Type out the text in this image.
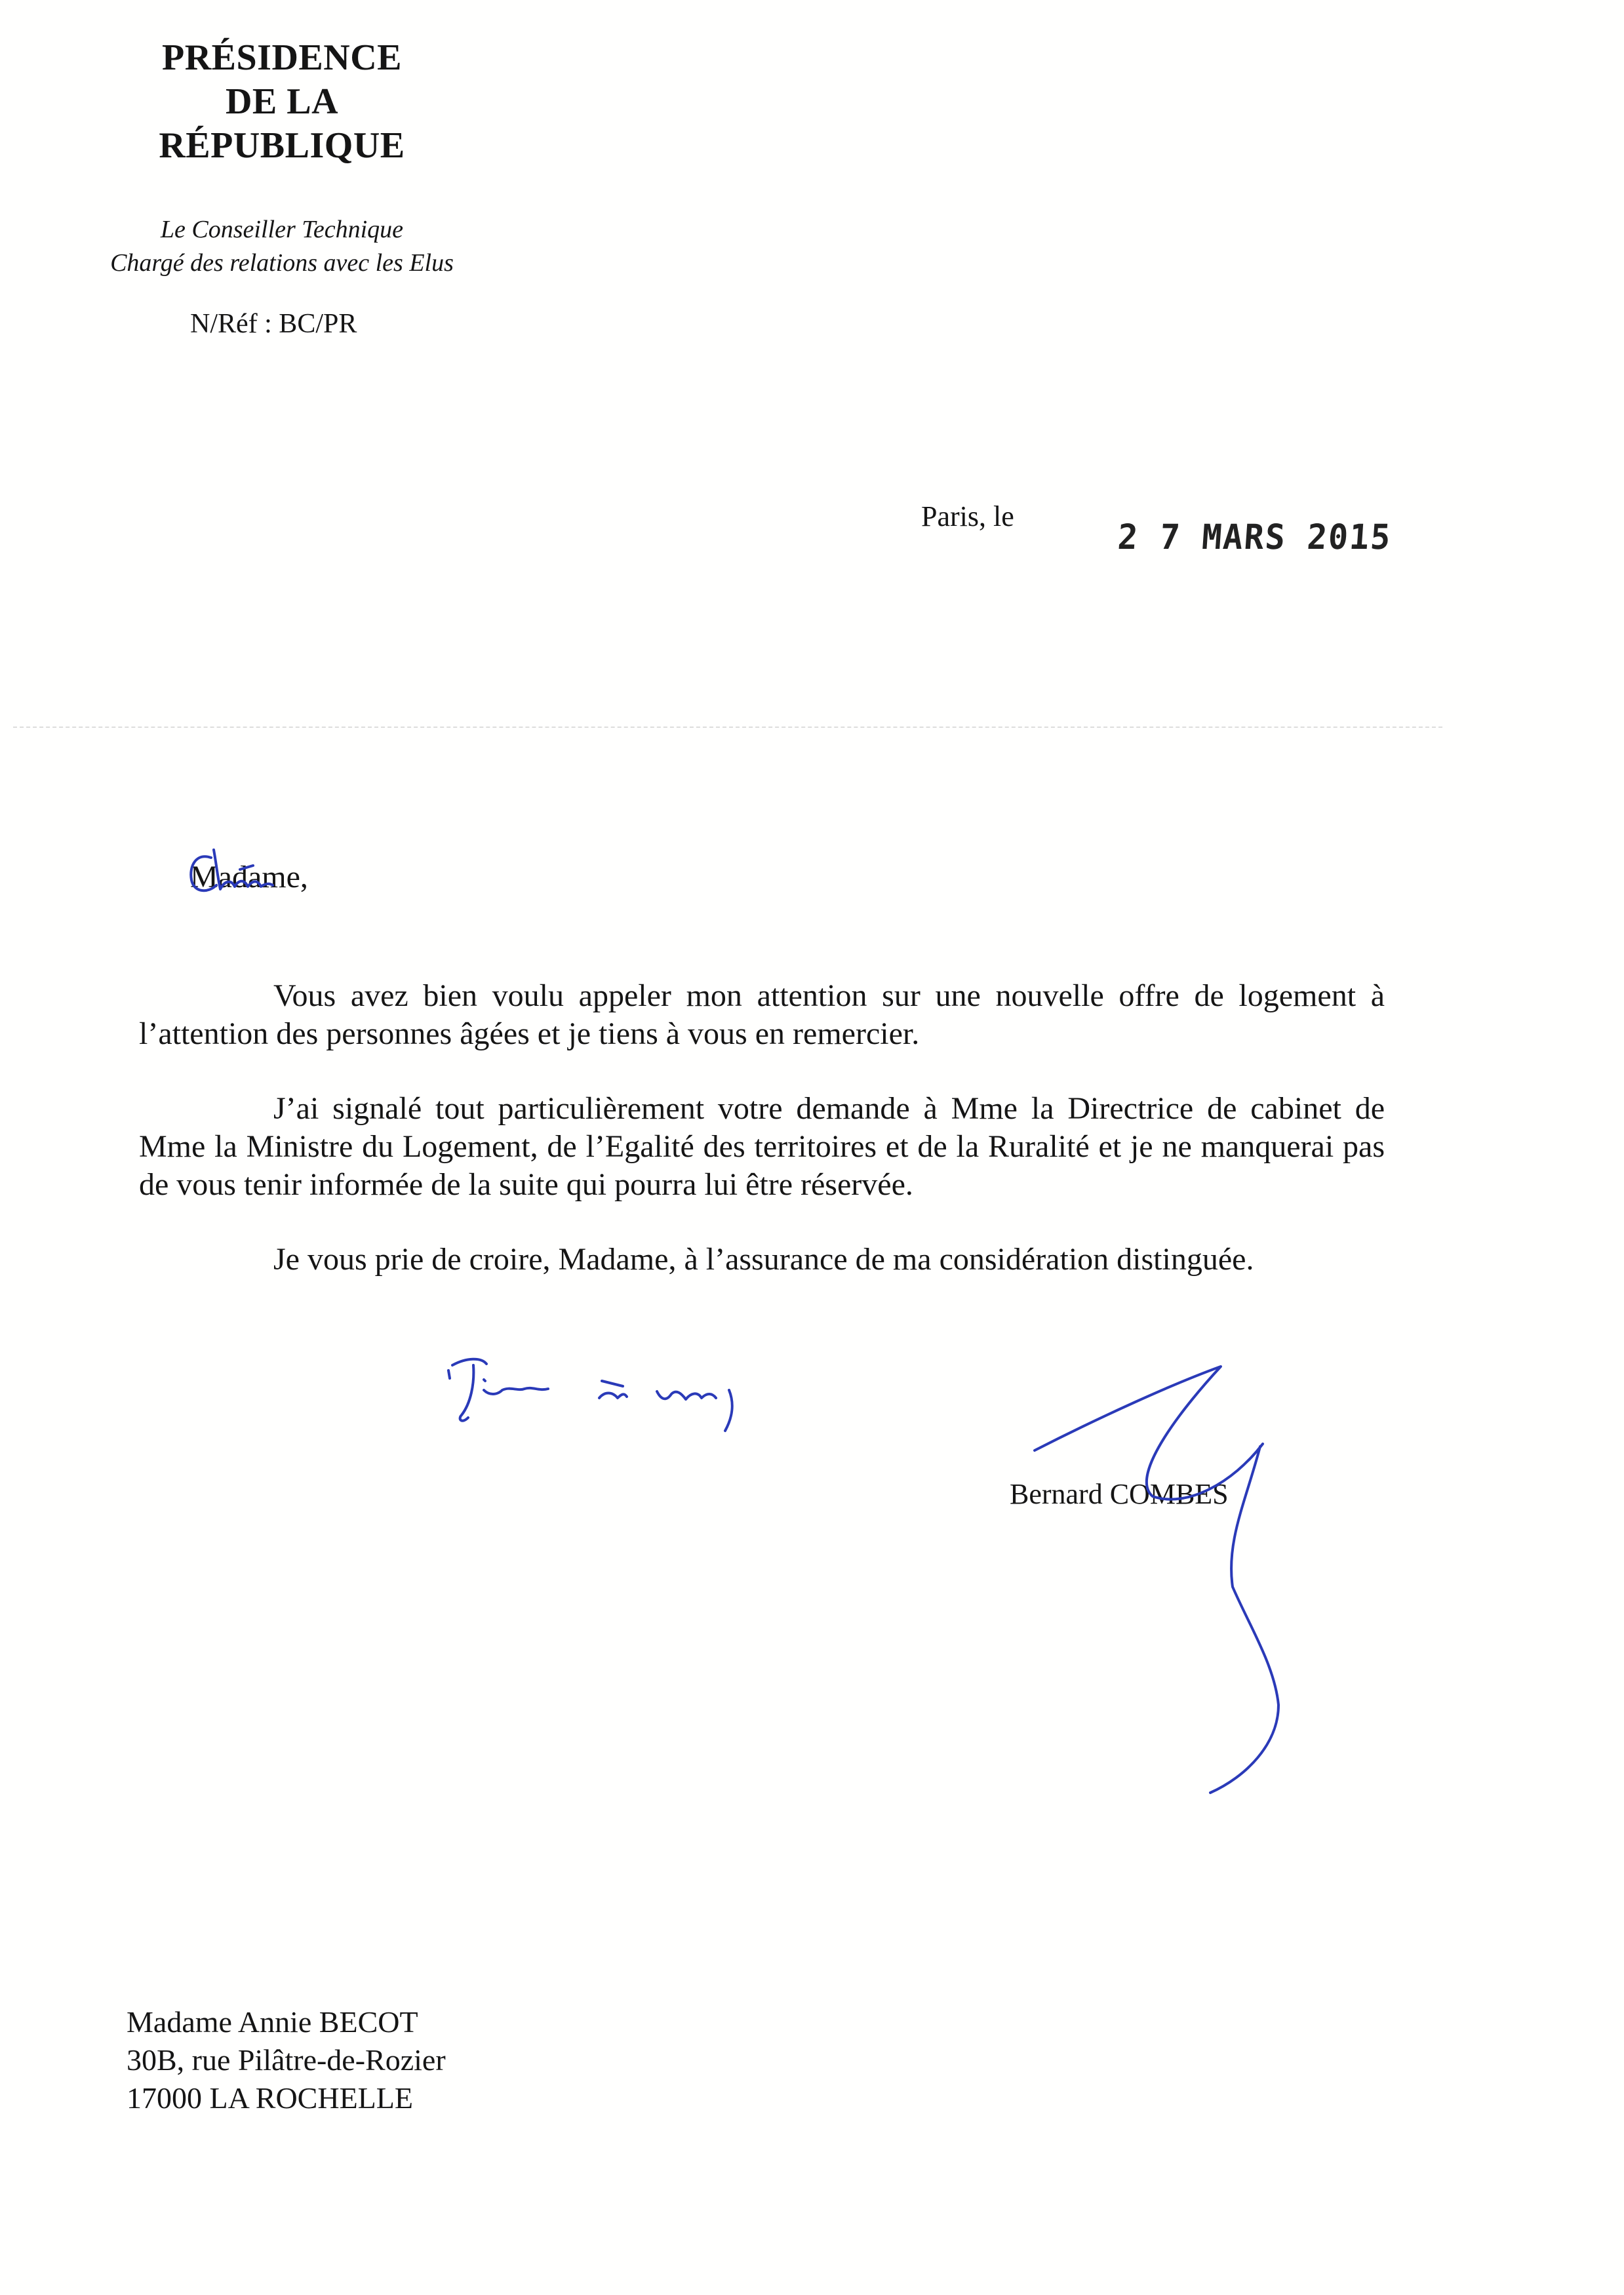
PRÉSIDENCE
DE LA
RÉPUBLIQUE
Le Conseiller Technique
Chargé des relations avec les Elus
N/Réf : BC/PR
Paris, le
2 7 MARS 2015
Madame,

Vous avez bien voulu appeler mon attention sur une nouvelle offre de logement à l’attention des personnes âgées et je tiens à vous en remercier.

J’ai signalé tout particulièrement votre demande à Mme la Directrice de cabinet de Mme la Ministre du Logement, de l’Egalité des territoires et de la Ruralité et je ne manquerai pas de vous tenir informée de la suite qui pourra lui être réservée.

Je vous prie de croire, Madame, à l’assurance de ma considération distinguée.

Bernard COMBES
Madame Annie BECOT
30B, rue Pilâtre-de-Rozier
17000 LA ROCHELLE
